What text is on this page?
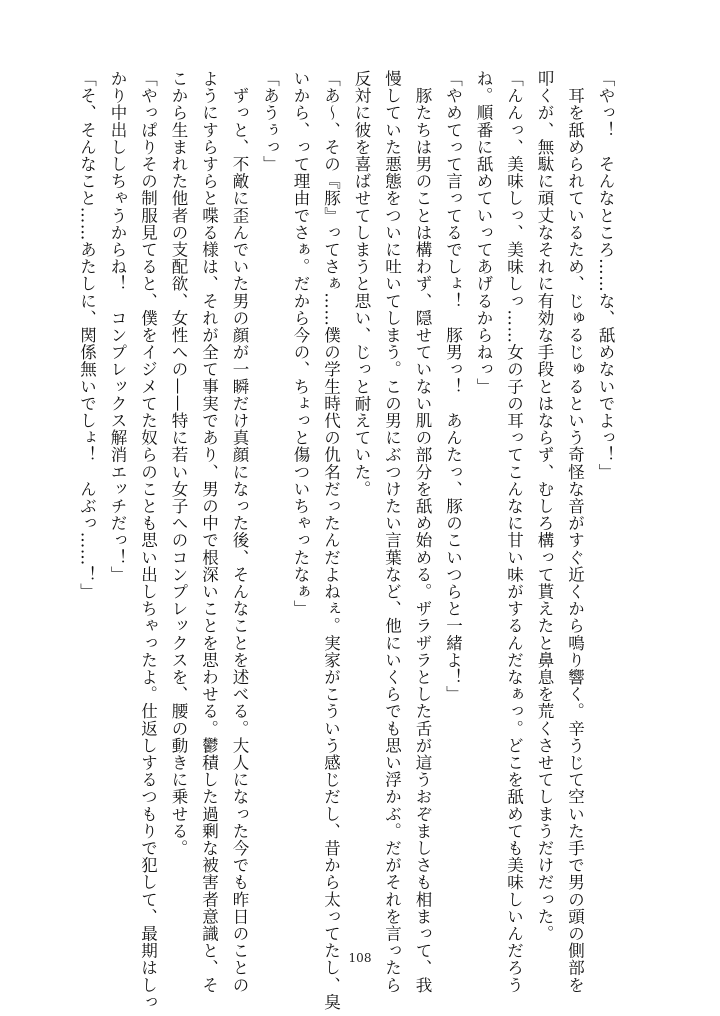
「やっ！　そんなところ……な、舐めないでよっ！」

　耳を舐められているため、じゅるじゅるという奇怪な音がすぐ近くから鳴り響く。辛うじて空いた手で男の頭の側部を

叩くが、無駄に頑丈なそれに有効な手段とはならず、むしろ構って貰えたと鼻息を荒くさせてしまうだけだった。

「んんっ、美味しっ、美味しっ……女の子の耳ってこんなに甘い味がするんだなぁっ。どこを舐めても美味しいんだろう

ね。順番に舐めていってあげるからねっ」

「やめてって言ってるでしょ！　豚男っ！　あんたっ、豚のこいつらと一緒よ！」

　豚たちは男のことは構わず、隠せていない肌の部分を舐め始める。ザラザラとした舌が這うおぞましさも相まって、我

慢していた悪態をついに吐いてしまう。この男にぶつけたい言葉など、他にいくらでも思い浮かぶ。だがそれを言ったら

反対に彼を喜ばせてしまうと思い、じっと耐えていた。

「あ～、その『豚』ってさぁ……僕の学生時代の仇名だったんだよねぇ。実家がこういう感じだし、昔から太ってたし、臭

いから、って理由でさぁ。だから今の、ちょっと傷ついちゃったなぁ」

「あうぅっ」

　ずっと、不敵に歪んでいた男の顔が一瞬だけ真顔になった後、そんなことを述べる。大人になった今でも昨日のことの

ようにすらすらと喋る様は、それが全て事実であり、男の中で根深いことを思わせる。鬱積した過剰な被害者意識と、そ

こから生まれた他者の支配欲、女性への——特に若い女子へのコンプレックスを、腰の動きに乗せる。

「やっぱりその制服見てると、僕をイジメてた奴らのことも思い出しちゃったよ。仕返しするつもりで犯して、最期はしっ

かり中出ししちゃうからね！　コンプレックス解消エッチだっ！」

「そ、そんなこと……あたしに、関係無いでしょ！　んぶっ……！」

108
